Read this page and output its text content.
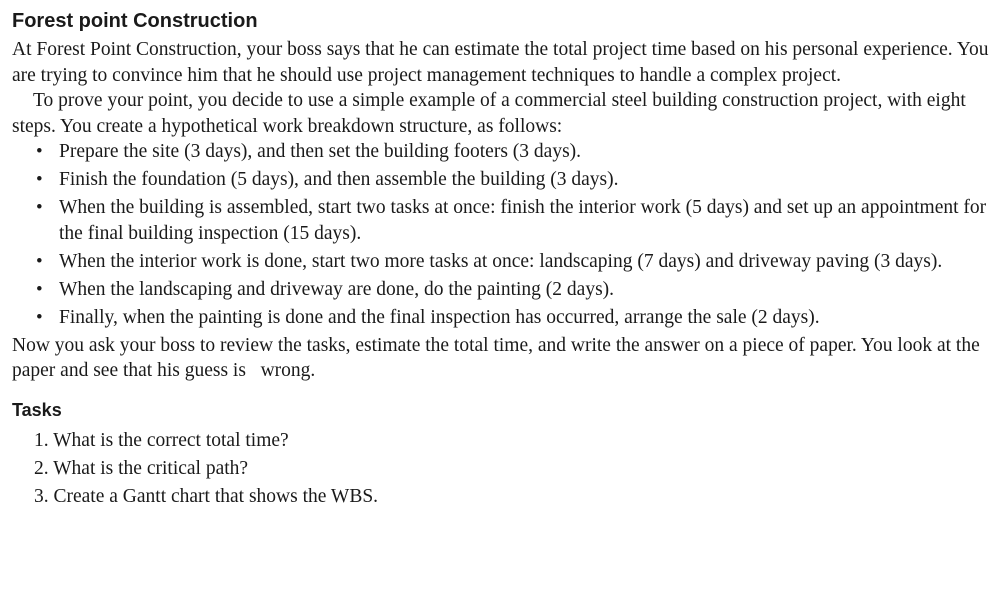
Forest point Construction

At Forest Point Construction, your boss says that he can estimate the total project time based on his personal experience. You are trying to convince him that he should use project management techniques to handle a complex project.

To prove your point, you decide to use a simple example of a commercial steel building construction project, with eight steps. You create a hypothetical work breakdown structure, as follows:

• Prepare the site (3 days), and then set the building footers (3 days).
• Finish the foundation (5 days), and then assemble the building (3 days).
• When the building is assembled, start two tasks at once: finish the interior work (5 days) and set up an appointment for the final building inspection (15 days).
• When the interior work is done, start two more tasks at once: landscaping (7 days) and driveway paving (3 days).
• When the landscaping and driveway are done, do the painting (2 days).
• Finally, when the painting is done and the final inspection has occurred, arrange the sale (2 days).

Now you ask your boss to review the tasks, estimate the total time, and write the answer on a piece of paper. You look at the paper and see that his guess is   wrong.

Tasks
1. What is the correct total time?
2. What is the critical path?
3. Create a Gantt chart that shows the WBS.
